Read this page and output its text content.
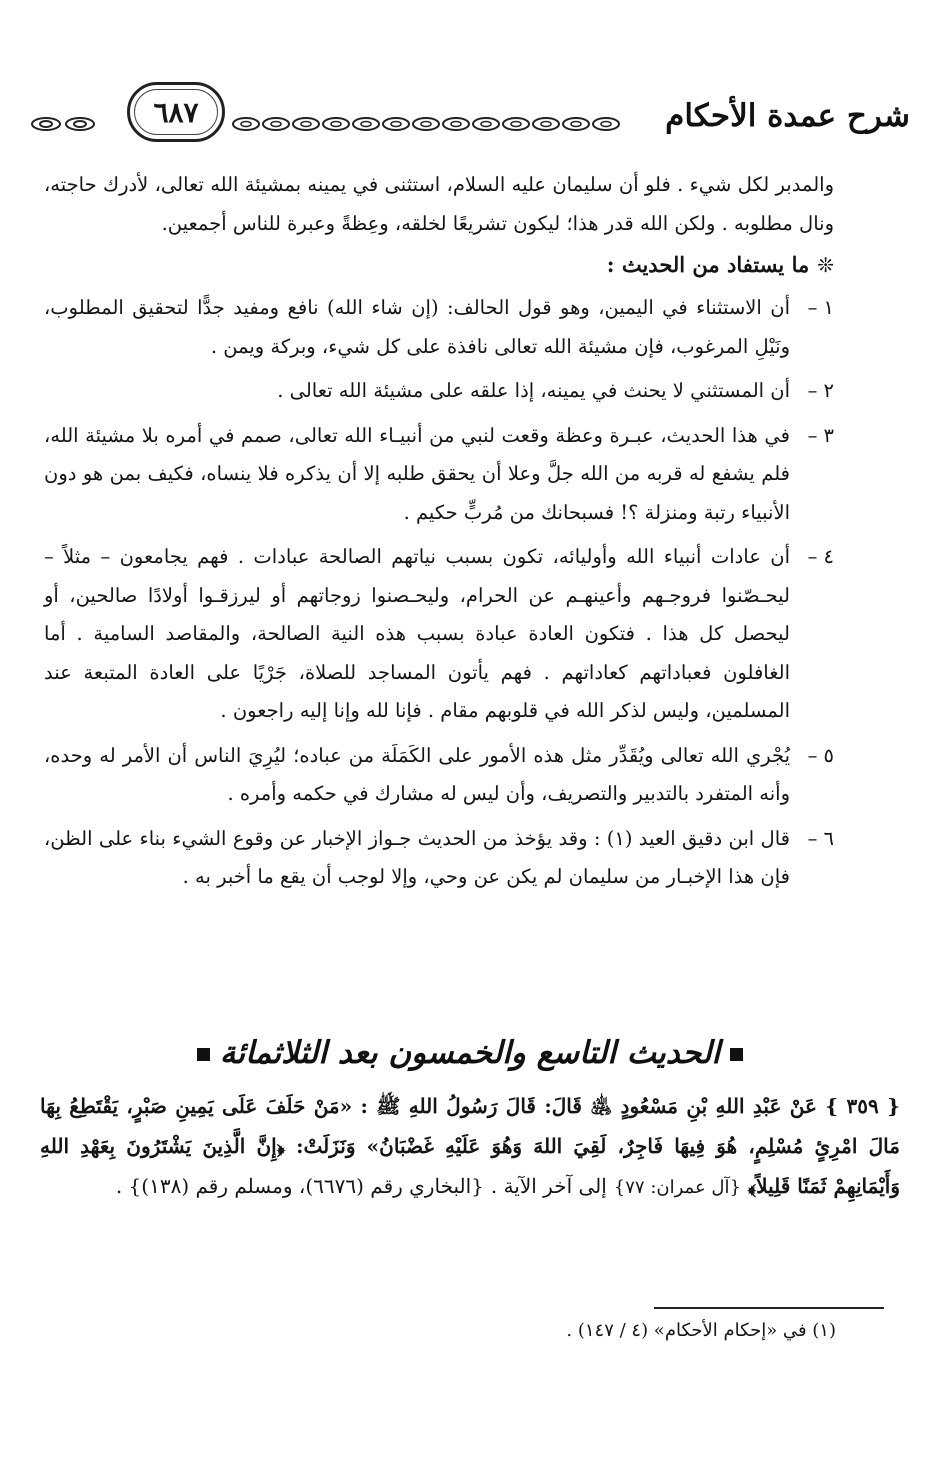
٦٨٧	شرح عمدة الأحكام

والمدبر لكل شيء . فلو أن سليمان عليه السلام، استثنى في يمينه بمشيئة الله تعالى، لأدرك حاجته، ونال مطلوبه . ولكن الله قدر هذا؛ ليكون تشريعًا لخلقه، وعِظةً وعبرة للناس أجمعين.

❊
ما يستفاد من الحديث :
١ –
أن الاستثناء في اليمين، وهو قول الحالف: (إن شاء الله) نافع ومفيد جدًّا لتحقيق المطلوب، ونَيْلِ المرغوب، فإن مشيئة الله تعالى نافذة على كل شيء، وبركة ويمن .
٢ –
أن المستثني لا يحنث في يمينه، إذا علقه على مشيئة الله تعالى .
٣ –
في هذا الحديث، عبـرة وعظة وقعت لنبي من أنبيـاء الله تعالى، صمم في أمره بلا مشيئة الله، فلم يشفع له قربه من الله جلَّ وعلا أن يحقق طلبه إلا أن يذكره فلا ينساه، فكيف بمن هو دون الأنبياء رتبة ومنزلة ؟! فسبحانك من مُربٍّ حكيم .
٤ –
أن عادات أنبياء الله وأوليائه، تكون بسبب نياتهم الصالحة عبادات . فهم يجامعون – مثلاً – ليحـصّنوا فروجـهم وأعينهـم عن الحرام، وليحـصنوا زوجاتهم أو ليرزقـوا أولادًا صالحين، أو ليحصل كل هذا . فتكون العادة عبادة بسبب هذه النية الصالحة، والمقاصد السامية . أما الغافلون فعباداتهم كعاداتهم . فهم يأتون المساجد للصلاة، جَرْيًا على العادة المتبعة عند المسلمين، وليس لذكر الله في قلوبهم مقام . فإنا لله وإنا إليه راجعون .
٥ –
يُجْري الله تعالى ويُقَدِّر مثل هذه الأمور على الكَمَلَة من عباده؛ ليُرِيَ الناس أن الأمر له وحده، وأنه المتفرد بالتدبير والتصريف، وأن ليس له مشارك في حكمه وأمره .
٦ –
قال ابن دقيق العيد (١) : وقد يؤخذ من الحديث جـواز الإخبار عن وقوع الشيء بناء على الظن، فإن هذا الإخبـار من سليمان لم يكن عن وحي، وإلا لوجب أن يقع ما أخبر به .
الحديث التاسع والخمسون بعد الثلاثمائة
{ ٣٥٩ } عَنْ عَبْدِ اللهِ بْنِ مَسْعُودٍ ﵁ قَالَ: قَالَ رَسُولُ اللهِ ﷺ : «مَنْ حَلَفَ عَلَى يَمِينِ صَبْرٍ، يَقْتَطِعُ بِهَا مَالَ امْرِئٍ مُسْلِمٍ، هُوَ فِيهَا فَاجِرٌ، لَقِيَ اللهَ وَهُوَ عَلَيْهِ غَضْبَانُ» وَنَزَلَتْ: ﴿إِنَّ الَّذِينَ يَشْتَرُونَ بِعَهْدِ اللهِ وَأَيْمَانِهِمْ ثَمَنًا قَلِيلاً﴾ {آل عمران: ٧٧} إلى آخر الآية . {البخاري رقم (٦٦٧٦)، ومسلم رقم (١٣٨)} .
(١) في «إحكام الأحكام» (٤ / ١٤٧) .
